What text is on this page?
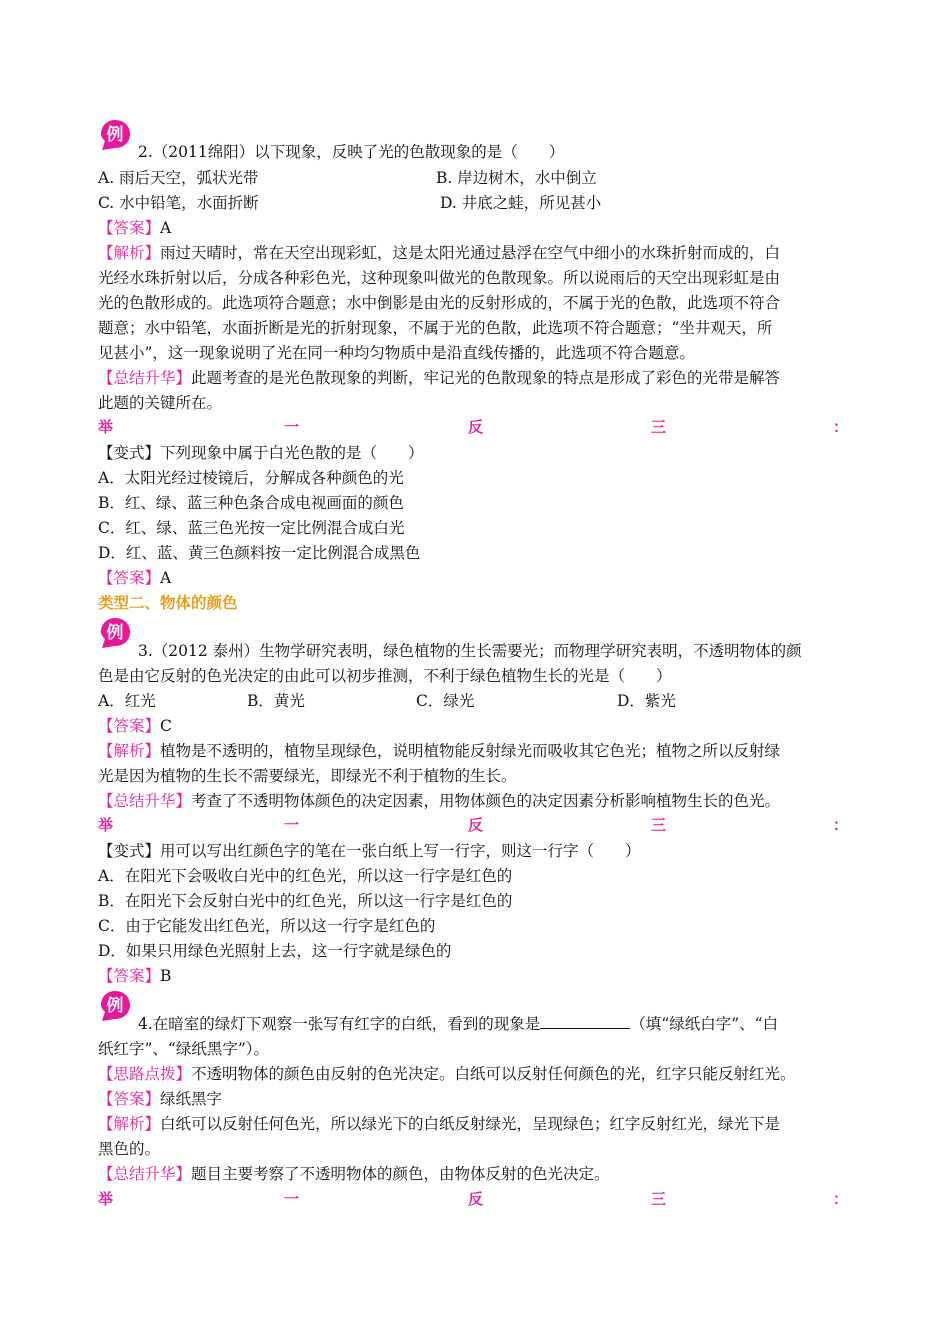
例
2.（2011绵阳）以下现象，反映了光的色散现象的是（　　）
A. 雨后天空，弧状光带	B. 岸边树木，水中倒立
C. 水中铅笔，水面折断	D. 井底之蛙，所见甚小
【答案】A
【解析】雨过天晴时，常在天空出现彩虹，这是太阳光通过悬浮在空气中细小的水珠折射而成的，白
光经水珠折射以后，分成各种彩色光，这种现象叫做光的色散现象。所以说雨后的天空出现彩虹是由
光的色散形成的。此选项符合题意；水中倒影是由光的反射形成的，不属于光的色散，此选项不符合
题意；水中铅笔，水面折断是光的折射现象，不属于光的色散，此选项不符合题意；“坐井观天，所
见甚小”，这一现象说明了光在同一种均匀物质中是沿直线传播的，此选项不符合题意。
【总结升华】此题考查的是光色散现象的判断，牢记光的色散现象的特点是形成了彩色的光带是解答
此题的关键所在。
举	一	反	三	：
【变式】下列现象中属于白光色散的是（　　）
A．太阳光经过棱镜后，分解成各种颜色的光
B．红、绿、蓝三种色条合成电视画面的颜色
C．红、绿、蓝三色光按一定比例混合成白光
D．红、蓝、黄三色颜料按一定比例混合成黑色
【答案】A
类型二、物体的颜色
例
3.（2012 泰州）生物学研究表明，绿色植物的生长需要光；而物理学研究表明，不透明物体的颜
色是由它反射的色光决定的由此可以初步推测，不利于绿色植物生长的光是（　　）
A．红光	B．黄光	C．绿光	D．紫光
【答案】C
【解析】植物是不透明的，植物呈现绿色，说明植物能反射绿光而吸收其它色光；植物之所以反射绿
光是因为植物的生长不需要绿光，即绿光不利于植物的生长。
【总结升华】考查了不透明物体颜色的决定因素，用物体颜色的决定因素分析影响植物生长的色光。
举	一	反	三	：
【变式】用可以写出红颜色字的笔在一张白纸上写一行字，则这一行字（　　）
A．在阳光下会吸收白光中的红色光，所以这一行字是红色的
B．在阳光下会反射白光中的红色光，所以这一行字是红色的
C．由于它能发出红色光，所以这一行字是红色的
D．如果只用绿色光照射上去，这一行字就是绿色的
【答案】B
例
4.在暗室的绿灯下观察一张写有红字的白纸，看到的现象是	（填“绿纸白字”、“白
纸红字”、“绿纸黑字”）。
【思路点拨】不透明物体的颜色由反射的色光决定。白纸可以反射任何颜色的光，红字只能反射红光。
【答案】绿纸黑字
【解析】白纸可以反射任何色光，所以绿光下的白纸反射绿光，呈现绿色；红字反射红光，绿光下是
黑色的。
【总结升华】题目主要考察了不透明物体的颜色，由物体反射的色光决定。
举	一	反	三	：
